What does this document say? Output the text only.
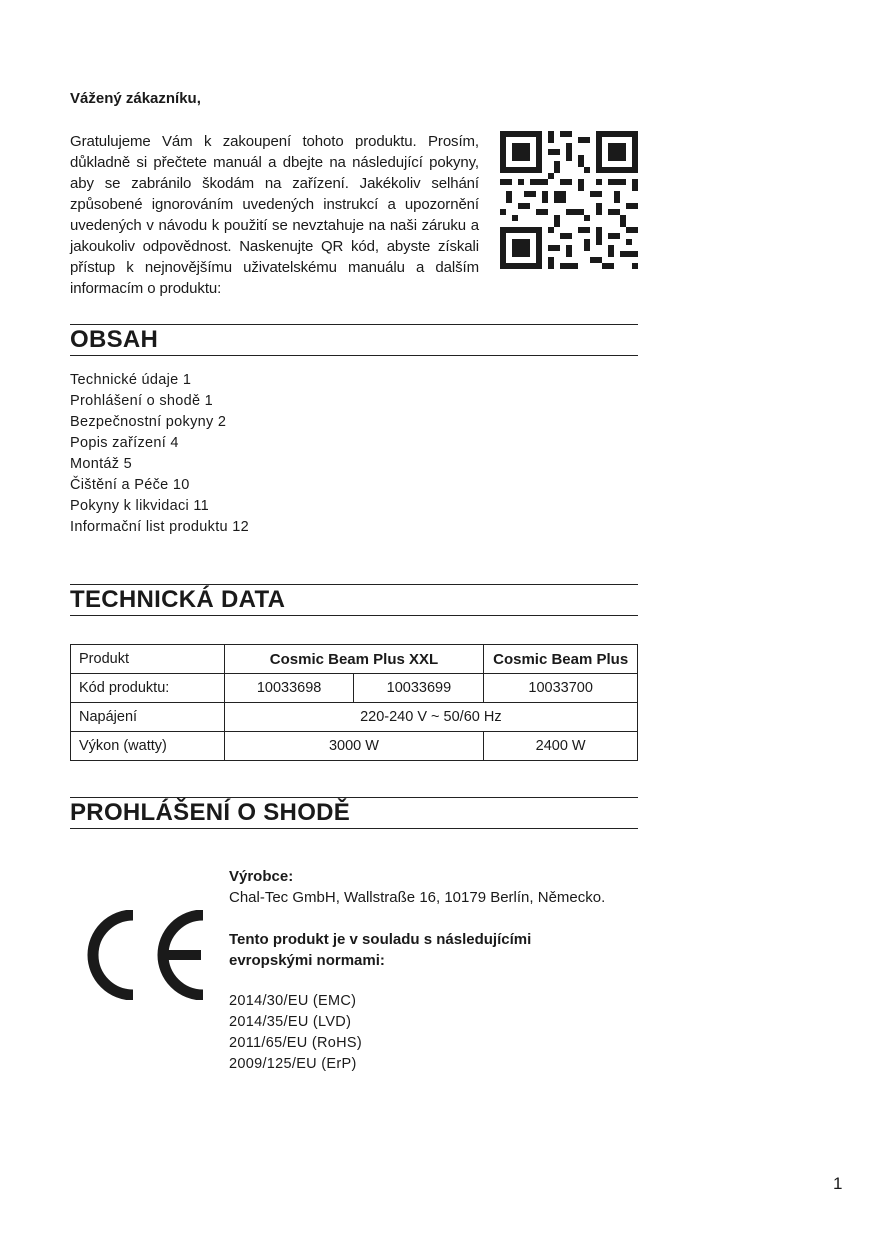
Vážený zákazníku,
Gratulujeme Vám k zakoupení tohoto produktu. Prosím, důkladně si přečtete manuál a dbejte na následující pokyny, aby se zabránilo škodám na zařízení. Jakékoliv selhání způsobené ignorováním uvedených instrukcí a upozornění uvedených v návodu k použití se nevztahuje na naši záruku a jakoukoliv odpovědnost. Naskenujte QR kód, abyste získali přístup k nejnovějšímu uživatelskému manuálu a dalším informacím o produktu:
OBSAH
Technické údaje 1
Prohlášení o shodě 1
Bezpečnostní pokyny 2
Popis zařízení 4
Montáž 5
Čištění a Péče 10
Pokyny k likvidaci 11
Informační list produktu 12
TECHNICKÁ DATA
Produkt	Cosmic Beam Plus XXL		Cosmic Beam Plus
Kód produktu:	10033698	10033699	10033700
Napájení	220-240 V ~ 50/60 Hz		
Výkon (watty)	3000 W		2400 W
PROHLÁŠENÍ O SHODĚ
Výrobce:
Chal-Tec GmbH, Wallstraße 16, 10179 Berlín, Německo.
Tento produkt je v souladu s následujícími
evropskými normami:
2014/30/EU (EMC)
2014/35/EU (LVD)
2011/65/EU (RoHS)
2009/125/EU (ErP)
1
